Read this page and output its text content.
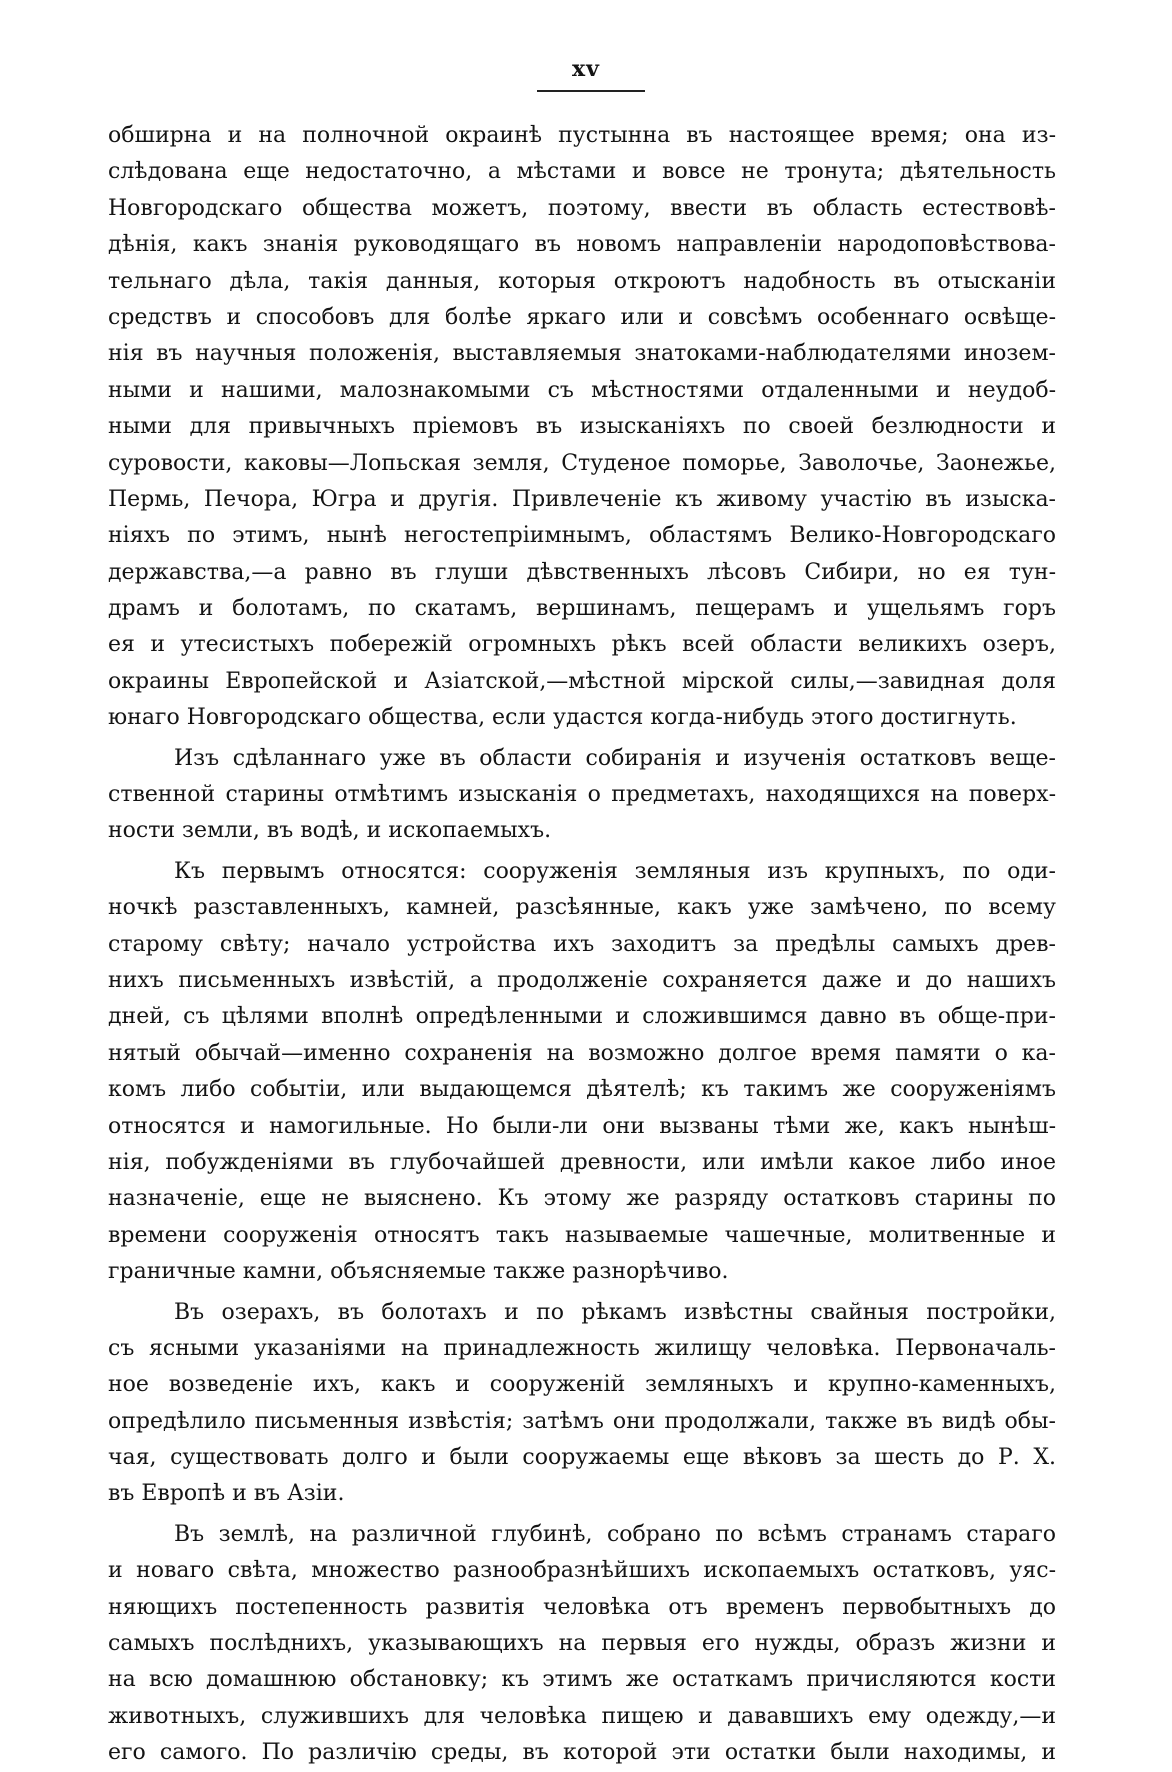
xv
обширна и на полночной окраинѣ пустынна въ настоящее время; она из-
слѣдована еще недостаточно, а мѣстами и вовсе не тронута; дѣятельность
Новгородскаго общества можетъ, поэтому, ввести въ область естествовѣ-
дѣнія, какъ знанія руководящаго въ новомъ направленіи народоповѣствова-
тельнаго дѣла, такія данныя, которыя откроютъ надобность въ отысканіи
средствъ и способовъ для болѣе яркаго или и совсѣмъ особеннаго освѣще-
нія въ научныя положенія, выставляемыя знатоками-наблюдателями инозем-
ными и нашими, малознакомыми съ мѣстностями отдаленными и неудоб-
ными для привычныхъ пріемовъ въ изысканіяхъ по своей безлюдности и
суровости, каковы—Лопьская земля, Студеное поморье, Заволочье, Заонежье,
Пермь, Печора, Югра и другія. Привлеченіе къ живому участію въ изыска-
ніяхъ по этимъ, нынѣ негостепріимнымъ, областямъ Велико-Новгородскаго
державства,—а равно въ глуши дѣвственныхъ лѣсовъ Сибири, но ея тун-
драмъ и болотамъ, по скатамъ, вершинамъ, пещерамъ и ущельямъ горъ
ея и утесистыхъ побережій огромныхъ рѣкъ всей области великихъ озеръ,
окраины Европейской и Азіатской,—мѣстной мірской силы,—завидная доля
юнаго Новгородскаго общества, если удастся когда-нибудь этого достигнуть.
Изъ сдѣланнаго уже въ области собиранія и изученія остатковъ веще-
ственной старины отмѣтимъ изысканія о предметахъ, находящихся на поверх-
ности земли, въ водѣ, и ископаемыхъ.
Къ первымъ относятся: сооруженія земляныя изъ крупныхъ, по оди-
ночкѣ разставленныхъ, камней, разсѣянные, какъ уже замѣчено, по всему
старому свѣту; начало устройства ихъ заходитъ за предѣлы самыхъ древ-
нихъ письменныхъ извѣстій, а продолженіе сохраняется даже и до нашихъ
дней, съ цѣлями вполнѣ опредѣленными и сложившимся давно въ обще-при-
нятый обычай—именно сохраненія на возможно долгое время памяти о ка-
комъ либо событіи, или выдающемся дѣятелѣ; къ такимъ же сооруженіямъ
относятся и намогильные. Но были-ли они вызваны тѣми же, какъ нынѣш-
нія, побужденіями въ глубочайшей древности, или имѣли какое либо иное
назначеніе, еще не выяснено. Къ этому же разряду остатковъ старины по
времени сооруженія относятъ такъ называемые чашечные, молитвенные и
граничные камни, объясняемые также разнорѣчиво.
Въ озерахъ, въ болотахъ и по рѣкамъ извѣстны свайныя постройки,
съ ясными указаніями на принадлежность жилищу человѣка. Первоначаль-
ное возведеніе ихъ, какъ и сооруженій земляныхъ и крупно-каменныхъ,
опредѣлило письменныя извѣстія; затѣмъ они продолжали, также въ видѣ обы-
чая, существовать долго и были сооружаемы еще вѣковъ за шесть до Р. Х.
въ Европѣ и въ Азіи.
Въ землѣ, на различной глубинѣ, собрано по всѣмъ странамъ стараго
и новаго свѣта, множество разнообразнѣйшихъ ископаемыхъ остатковъ, уяс-
няющихъ постепенность развитія человѣка отъ временъ первобытныхъ до
самыхъ послѣднихъ, указывающихъ на первыя его нужды, образъ жизни и
на всю домашнюю обстановку; къ этимъ же остаткамъ причисляются кости
животныхъ, служившихъ для человѣка пищею и дававшихъ ему одежду,—и
его самого. По различію среды, въ которой эти остатки были находимы, и
